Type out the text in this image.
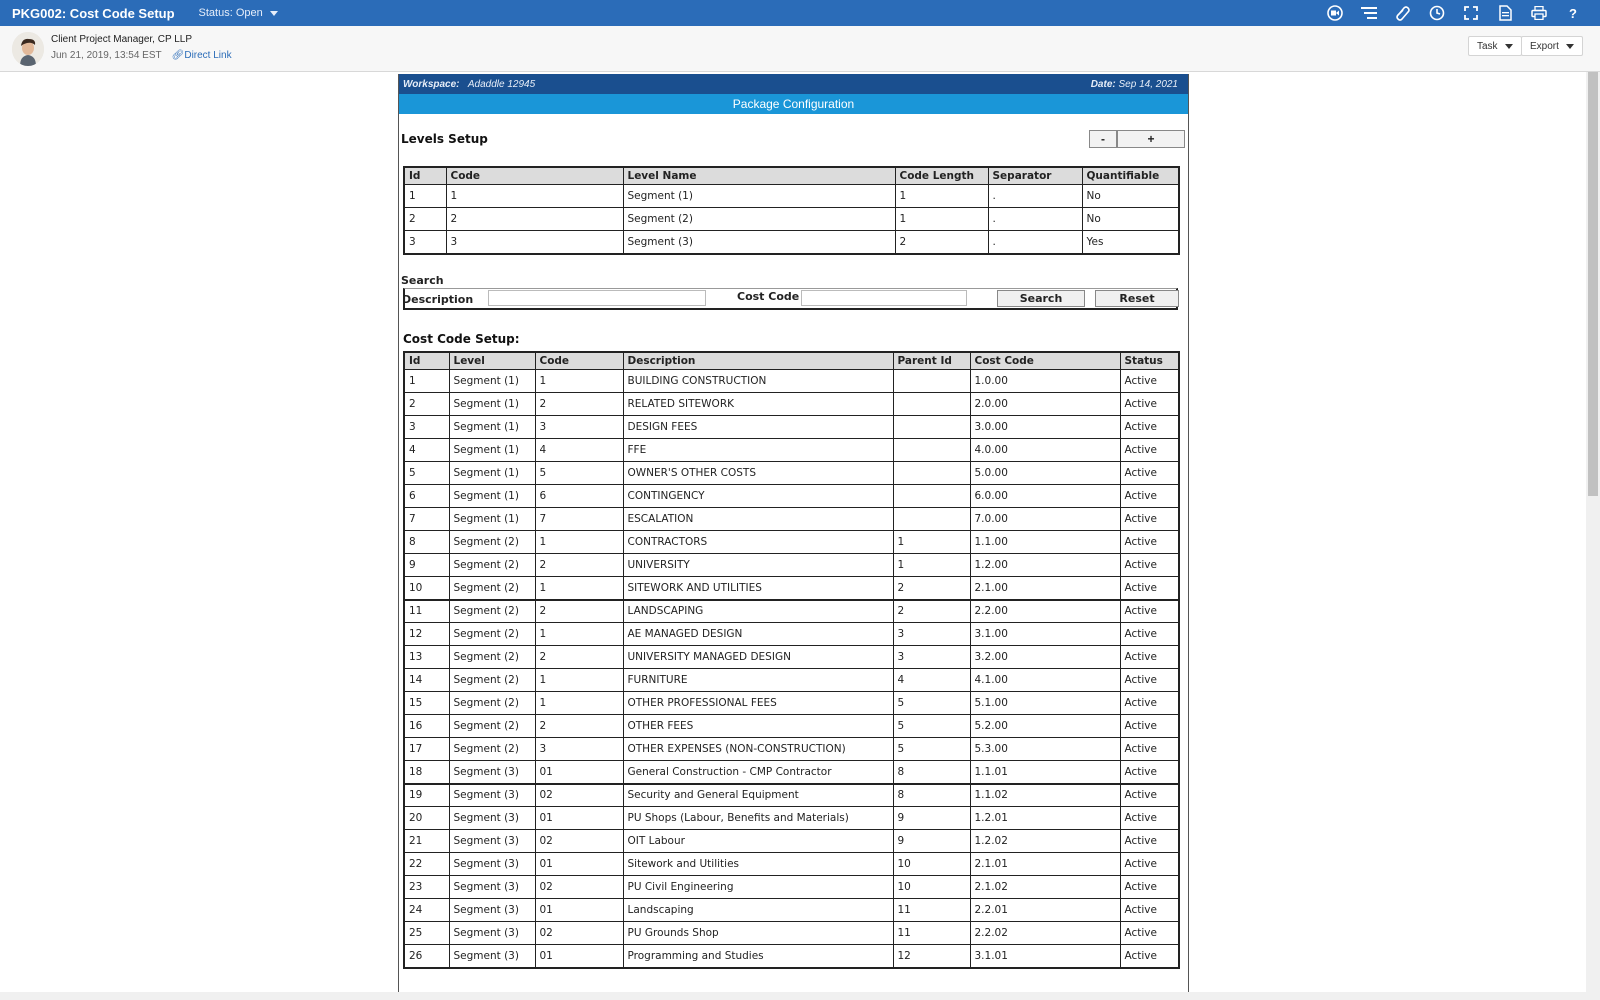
PKG002: Cost Code Setup Status: Open	?
Client Project Manager, CP LLP
Jun 21, 2019, 13:54 EST 🔗︎Direct Link
Task	Export
Workspace: Adaddle 12945	Date: Sep 14, 2021
Package Configuration
Levels Setup	-	+
Id	Code	Level Name	Code Length	Separator	Quantifiable
1	1	Segment (1)	1	.	No
2	2	Segment (2)	1	.	No
3	3	Segment (3)	2	.	Yes
Search
Description	Cost Code	Search	Reset
Cost Code Setup:
Id	Level	Code	Description	Parent Id	Cost Code	Status
1	Segment (1)	1	BUILDING CONSTRUCTION		1.0.00	Active
2	Segment (1)	2	RELATED SITEWORK		2.0.00	Active
3	Segment (1)	3	DESIGN FEES		3.0.00	Active
4	Segment (1)	4	FFE		4.0.00	Active
5	Segment (1)	5	OWNER'S OTHER COSTS		5.0.00	Active
6	Segment (1)	6	CONTINGENCY		6.0.00	Active
7	Segment (1)	7	ESCALATION		7.0.00	Active
8	Segment (2)	1	CONTRACTORS	1	1.1.00	Active
9	Segment (2)	2	UNIVERSITY	1	1.2.00	Active
10	Segment (2)	1	SITEWORK AND UTILITIES	2	2.1.00	Active
11	Segment (2)	2	LANDSCAPING	2	2.2.00	Active
12	Segment (2)	1	AE MANAGED DESIGN	3	3.1.00	Active
13	Segment (2)	2	UNIVERSITY MANAGED DESIGN	3	3.2.00	Active
14	Segment (2)	1	FURNITURE	4	4.1.00	Active
15	Segment (2)	1	OTHER PROFESSIONAL FEES	5	5.1.00	Active
16	Segment (2)	2	OTHER FEES	5	5.2.00	Active
17	Segment (2)	3	OTHER EXPENSES (NON-CONSTRUCTION)	5	5.3.00	Active
18	Segment (3)	01	General Construction - CMP Contractor	8	1.1.01	Active
19	Segment (3)	02	Security and General Equipment	8	1.1.02	Active
20	Segment (3)	01	PU Shops (Labour, Benefits and Materials)	9	1.2.01	Active
21	Segment (3)	02	OIT Labour	9	1.2.02	Active
22	Segment (3)	01	Sitework and Utilities	10	2.1.01	Active
23	Segment (3)	02	PU Civil Engineering	10	2.1.02	Active
24	Segment (3)	01	Landscaping	11	2.2.01	Active
25	Segment (3)	02	PU Grounds Shop	11	2.2.02	Active
26	Segment (3)	01	Programming and Studies	12	3.1.01	Active
